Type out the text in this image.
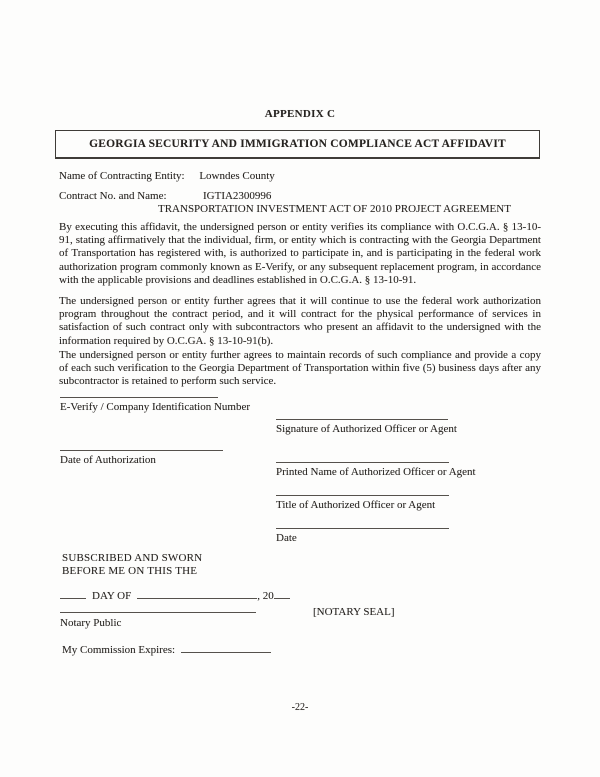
APPENDIX C
GEORGIA SECURITY AND IMMIGRATION COMPLIANCE ACT AFFIDAVIT
Name of Contracting Entity: Lowndes County
Contract No. and Name:	IGTIA2300996
TRANSPORTATION INVESTMENT ACT OF 2010 PROJECT AGREEMENT
By executing this affidavit, the undersigned person or entity verifies its compliance with O.C.G.A. § 13-10-91, stating affirmatively that the individual, firm, or entity which is contracting with the Georgia Department of Transportation has registered with, is authorized to participate in, and is participating in the federal work authorization program commonly known as E-Verify, or any subsequent replacement program, in accordance with the applicable provisions and deadlines established in O.C.G.A. § 13-10-91.
The undersigned person or entity further agrees that it will continue to use the federal work authorization program throughout the contract period, and it will contract for the physical performance of services in satisfaction of such contract only with subcontractors who present an affidavit to the undersigned with the information required by O.C.GA. § 13-10-91(b).
The undersigned person or entity further agrees to maintain records of such compliance and provide a copy of each such verification to the Georgia Department of Transportation within five (5) business days after any subcontractor is retained to perform such service.
E-Verify / Company Identification Number
Date of Authorization
Signature of Authorized Officer or Agent
Printed Name of Authorized Officer or Agent
Title of Authorized Officer or Agent
Date
SUBSCRIBED AND SWORN
BEFORE ME ON THIS THE
DAY OF	, 20
Notary Public
[NOTARY SEAL]
My Commission Expires:
-22-
